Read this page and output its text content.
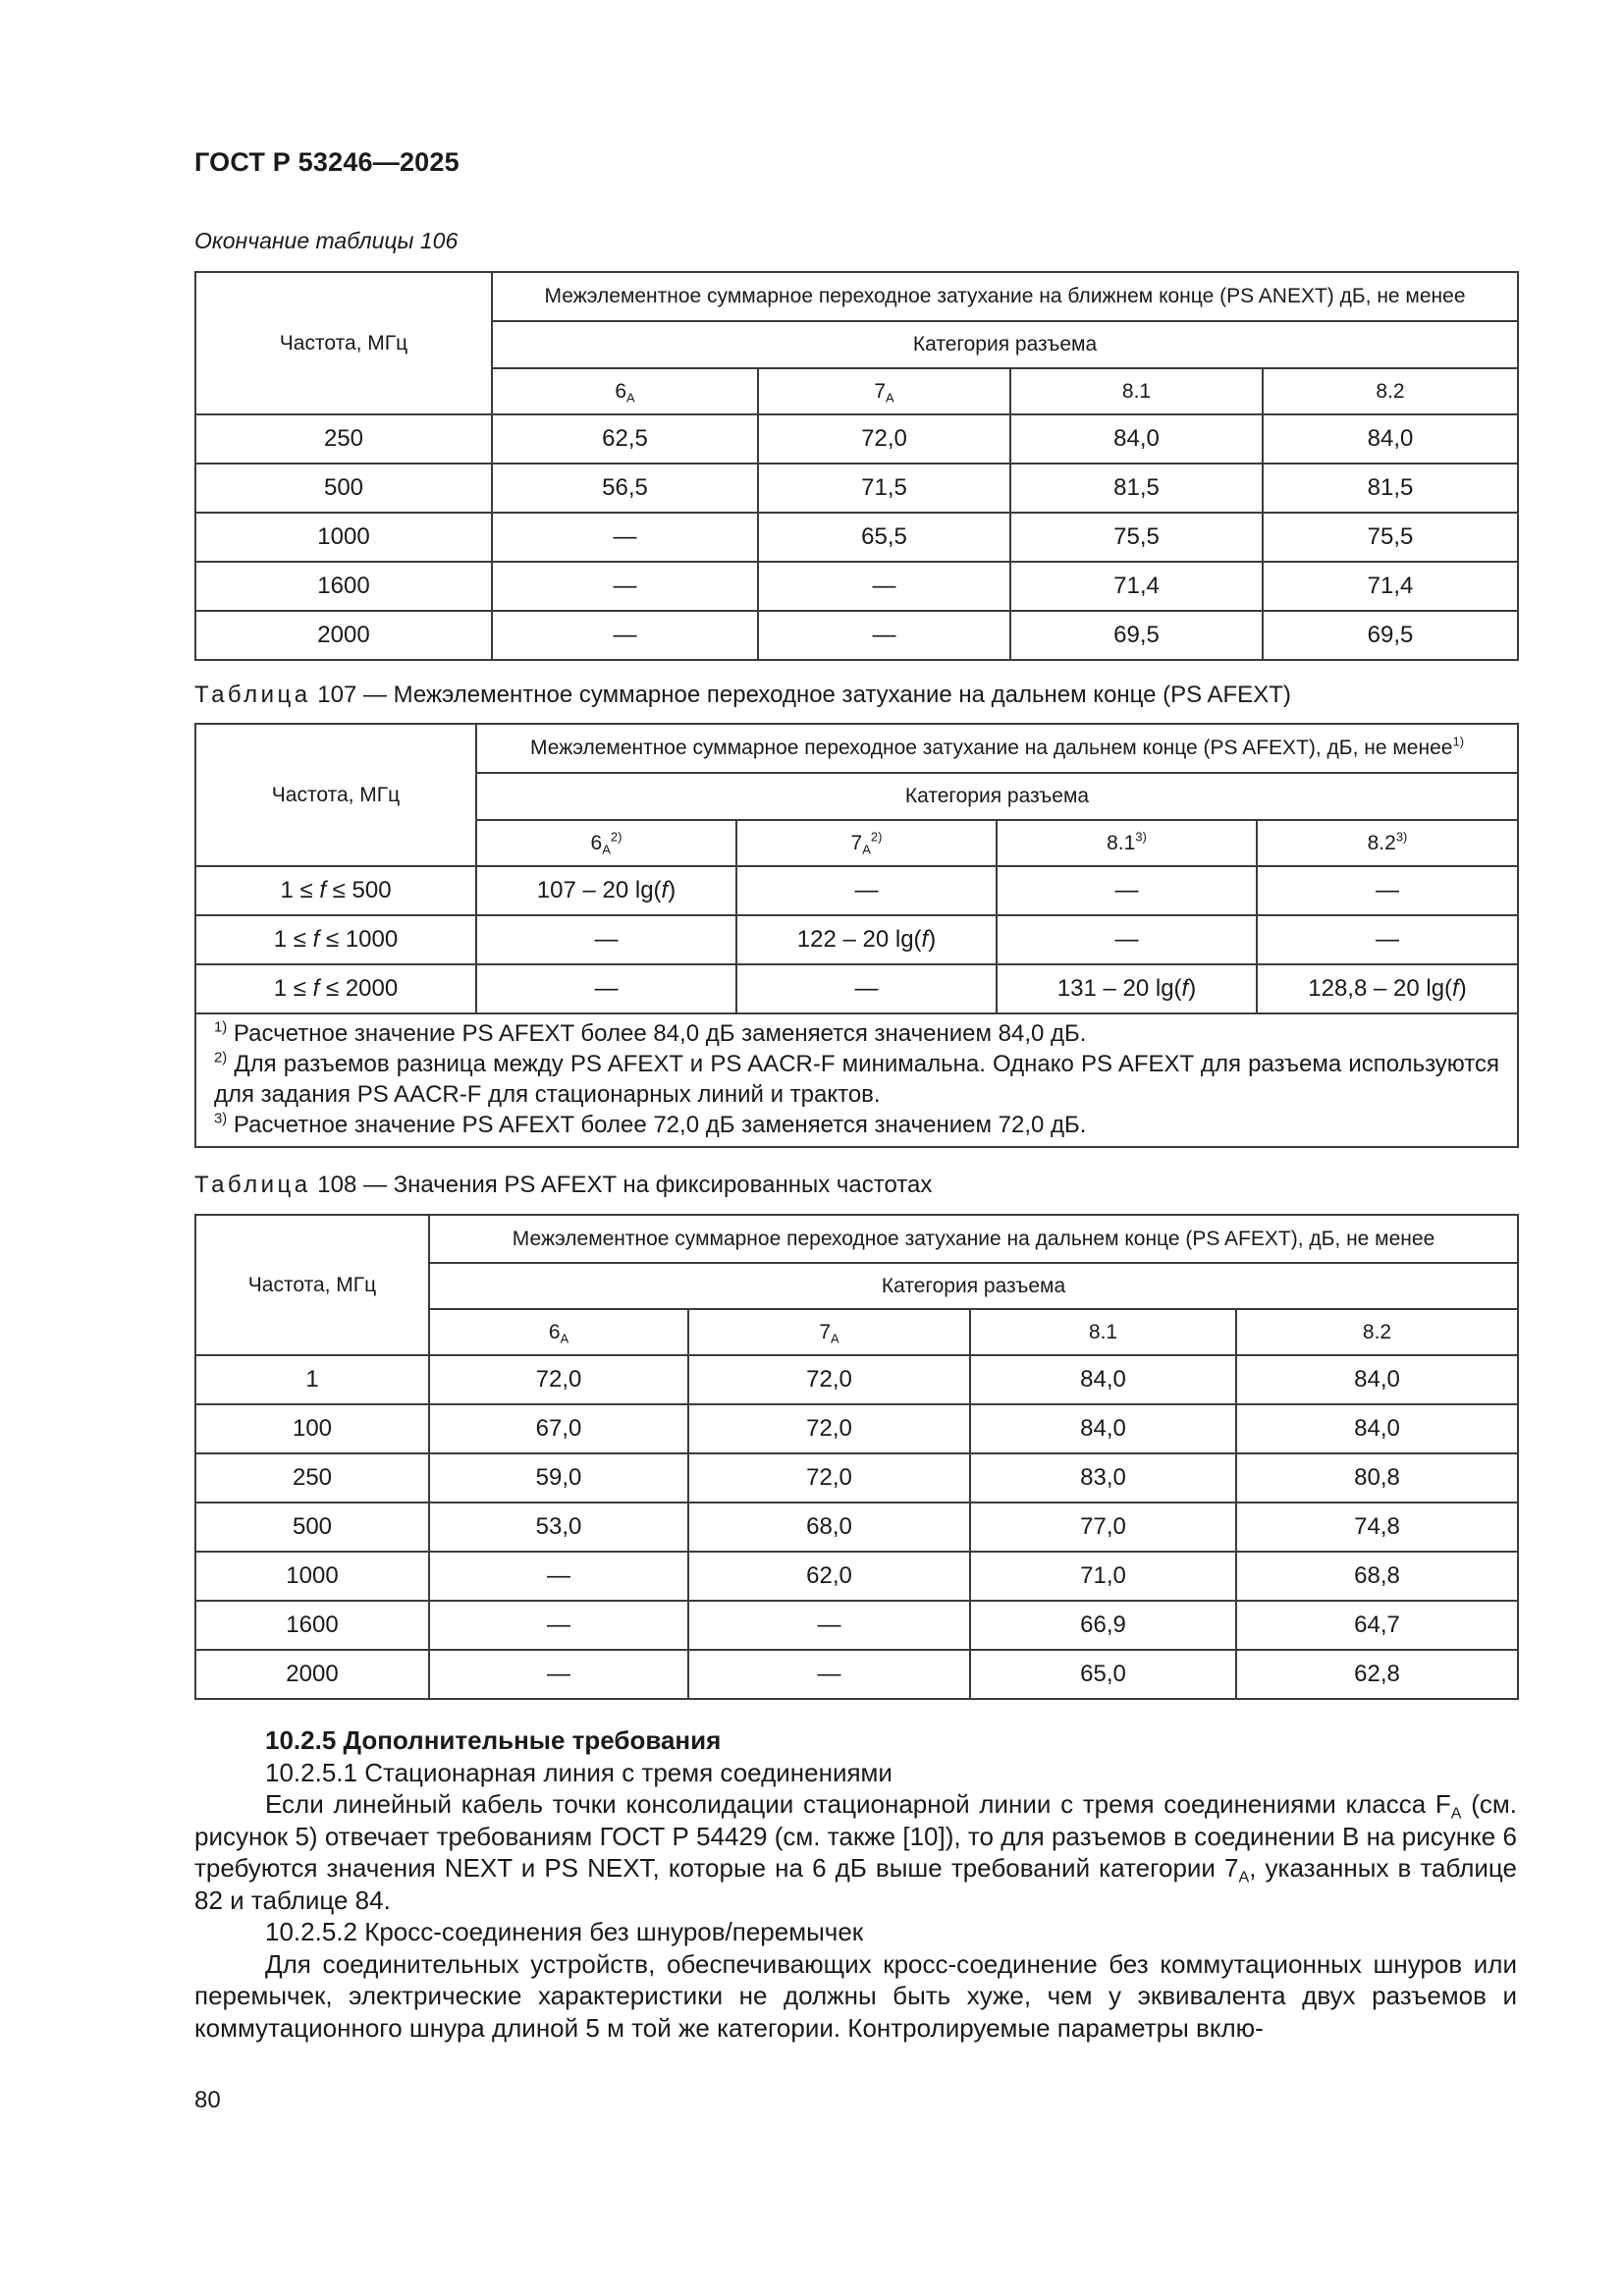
ГОСТ Р 53246—2025
Окончание таблицы 106
Частота, МГц	Межэлементное суммарное переходное затухание на ближнем конце (PS ANEXT) дБ, не менее			
	Категория разъема			
	$6_A$	$7_A$	8.1	8.2
250	62,5	72,0	84,0	84,0
500	56,5	71,5	81,5	81,5
1000	—	65,5	75,5	75,5
1600	—	—	71,4	71,4
2000	—	—	69,5	69,5
Таблица 107 — Межэлементное суммарное переходное затухание на дальнем конце (PS AFEXT)
Частота, МГц	Межэлементное суммарное переходное затухание на дальнем конце (PS AFEXT), дБ, не менее$^{1)}$
	Категория разъема			
	$6_A^{2)}$	$7_A^{2)}$	8.1$^{3)}$	8.2$^{3)}$
1 ≤ f ≤ 500	107 – 20 lg(f)	—	—	—
1 ≤ f ≤ 1000	—	122 – 20 lg(f)	—	—
1 ≤ f ≤ 2000	—	—	131 – 20 lg(f)	128,8 – 20 lg(f)

$^{1)}$ Расчетное значение PS AFEXT более 84,0 дБ заменяется значением 84,0 дБ.
$^{2)}$ Для разъемов разница между PS AFEXT и PS AACR-F минимальна. Однако PS AFEXT для разъема используются для задания PS AACR-F для стационарных линий и трактов.
$^{3)}$ Расчетное значение PS AFEXT более 72,0 дБ заменяется значением 72,0 дБ.				
Таблица 108 — Значения PS AFEXT на фиксированных частотах
Частота, МГц	Межэлементное суммарное переходное затухание на дальнем конце (PS AFEXT), дБ, не менее			
	Категория разъема			
	$6_A$	$7_A$	8.1	8.2
1	72,0	72,0	84,0	84,0
100	67,0	72,0	84,0	84,0
250	59,0	72,0	83,0	80,8
500	53,0	68,0	77,0	74,8
1000	—	62,0	71,0	68,8
1600	—	—	66,9	64,7
2000	—	—	65,0	62,8

10.2.5 Дополнительные требования

10.2.5.1 Стационарная линия с тремя соединениями

Если линейный кабель точки консолидации стационарной линии с тремя соединениями класса $F_A$ (см. рисунок 5) отвечает требованиям ГОСТ Р 54429 (см. также [10]), то для разъемов в соединении В на рисунке 6 требуются значения NEXT и PS NEXT, которые на 6 дБ выше требований категории $7_A$, указанных в таблице 82 и таблице 84.

10.2.5.2 Кросс-соединения без шнуров/перемычек

Для соединительных устройств, обеспечивающих кросс-соединение без коммутационных шнуров или перемычек, электрические характеристики не должны быть хуже, чем у эквивалента двух разъемов и коммутационного шнура длиной 5 м той же категории. Контролируемые параметры вклю-

80
